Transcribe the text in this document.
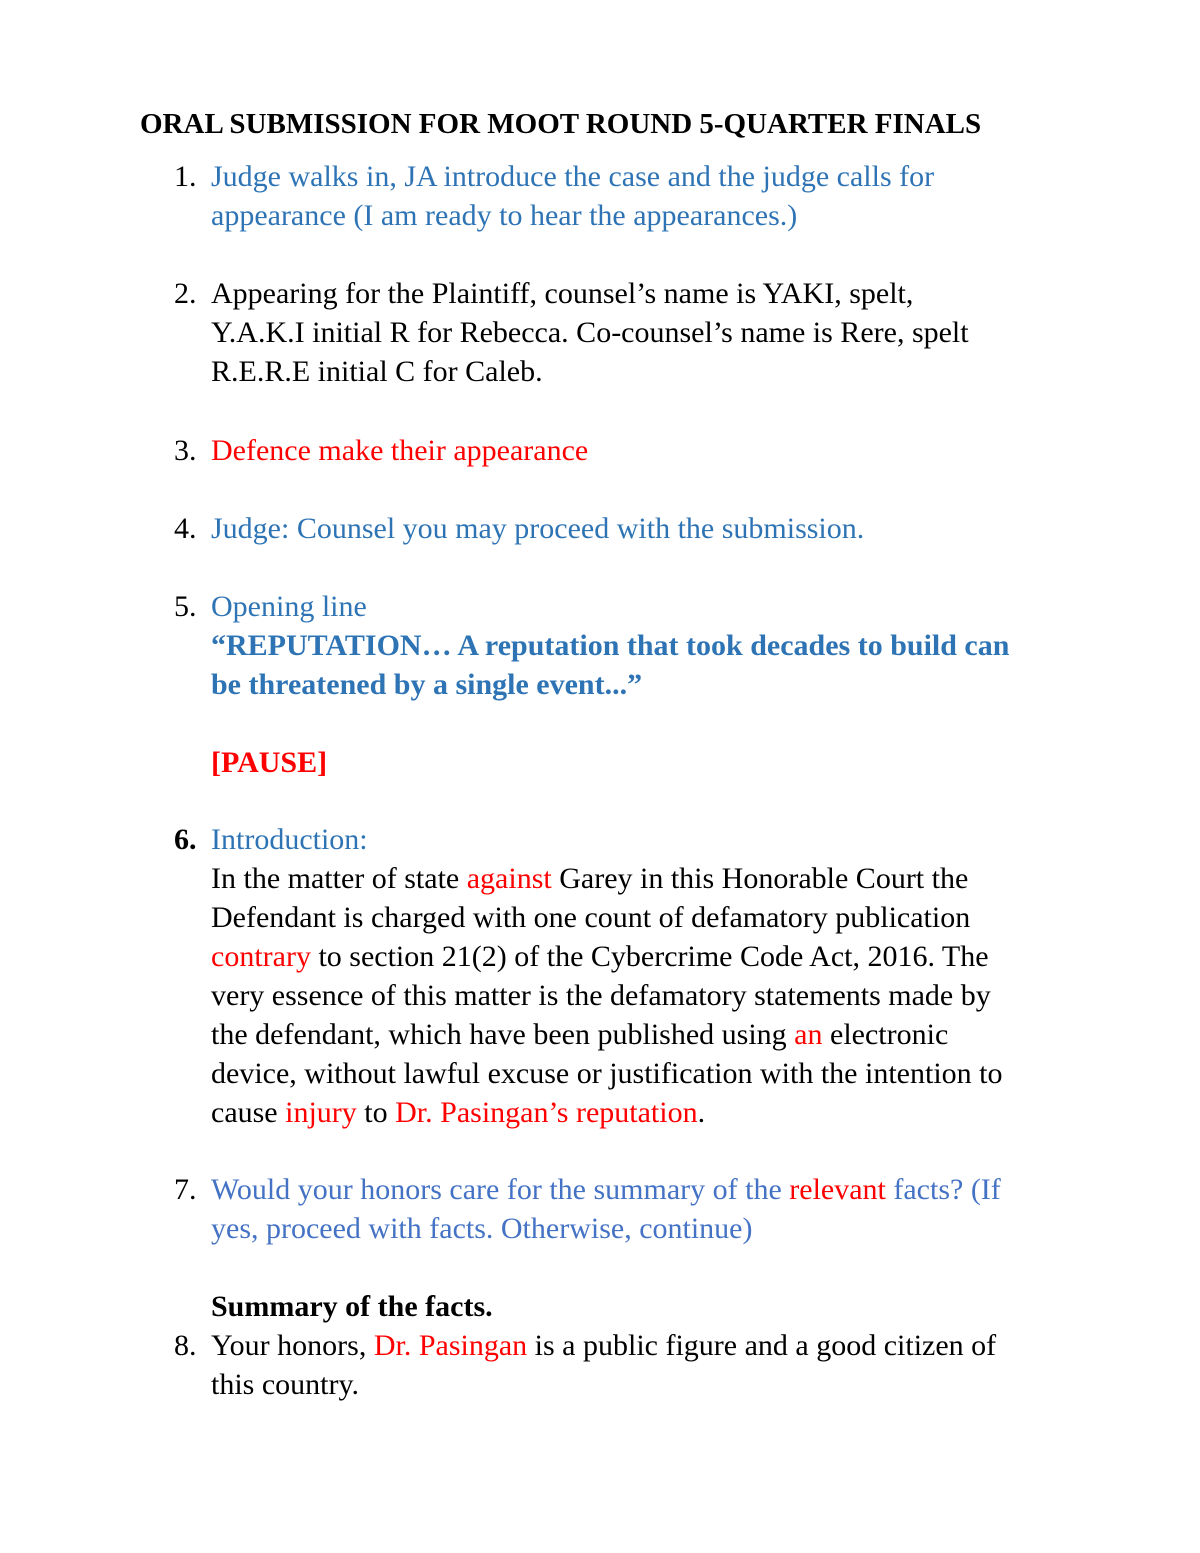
ORAL SUBMISSION FOR MOOT ROUND 5-QUARTER FINALS
1. Judge walks in, JA introduce the case and the judge calls for
appearance (I am ready to hear the appearances.)
2. Appearing for the Plaintiff, counsel’s name is YAKI, spelt,
Y.A.K.I initial R for Rebecca. Co-counsel’s name is Rere, spelt
R.E.R.E initial C for Caleb.
3. Defence make their appearance
4. Judge: Counsel you may proceed with the submission.
5. Opening line
“REPUTATION… A reputation that took decades to build can
be threatened by a single event...”
[PAUSE]
6. Introduction:
In the matter of state against Garey in this Honorable Court the
Defendant is charged with one count of defamatory publication
contrary to section 21(2) of the Cybercrime Code Act, 2016. The
very essence of this matter is the defamatory statements made by
the defendant, which have been published using an electronic
device, without lawful excuse or justification with the intention to
cause injury to Dr. Pasingan’s reputation.
7. Would your honors care for the summary of the relevant facts? (If
yes, proceed with facts. Otherwise, continue)
Summary of the facts.
8. Your honors, Dr. Pasingan is a public figure and a good citizen of
this country.
